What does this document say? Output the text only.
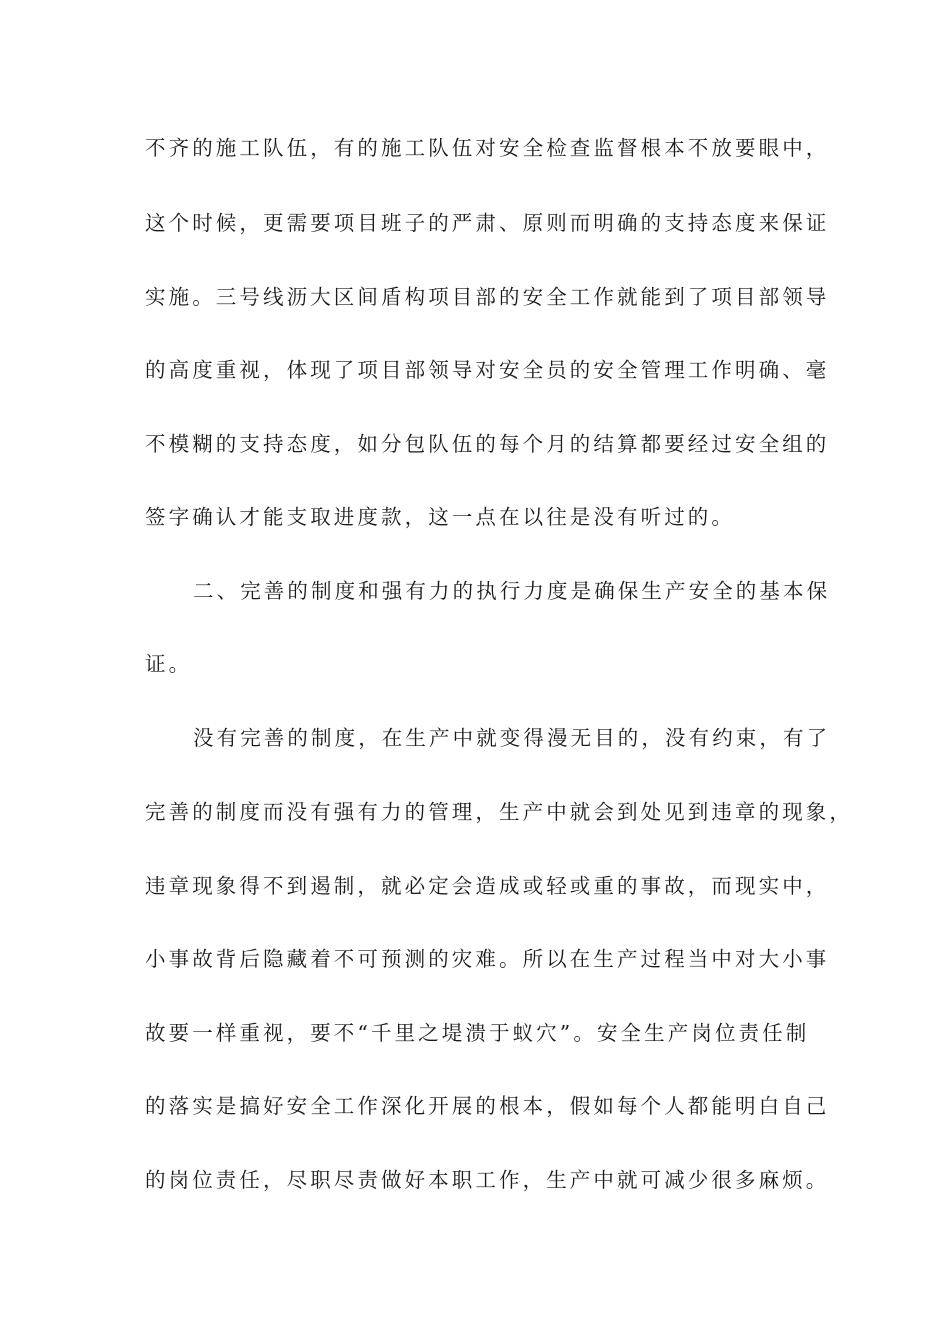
不齐的施工队伍，有的施工队伍对安全检查监督根本不放要眼中，
这个时候，更需要项目班子的严肃、原则而明确的支持态度来保证
实施。三号线沥大区间盾构项目部的安全工作就能到了项目部领导
的高度重视，体现了项目部领导对安全员的安全管理工作明确、毫
不模糊的支持态度，如分包队伍的每个月的结算都要经过安全组的
签字确认才能支取进度款，这一点在以往是没有听过的。
二、完善的制度和强有力的执行力度是确保生产安全的基本保
证。
没有完善的制度，在生产中就变得漫无目的，没有约束，有了
完善的制度而没有强有力的管理，生产中就会到处见到违章的现象，
违章现象得不到遏制，就必定会造成或轻或重的事故，而现实中，
小事故背后隐藏着不可预测的灾难。所以在生产过程当中对大小事
故要一样重视，要不“千里之堤溃于蚁穴”。安全生产岗位责任制
的落实是搞好安全工作深化开展的根本，假如每个人都能明白自己
的岗位责任，尽职尽责做好本职工作，生产中就可减少很多麻烦。
